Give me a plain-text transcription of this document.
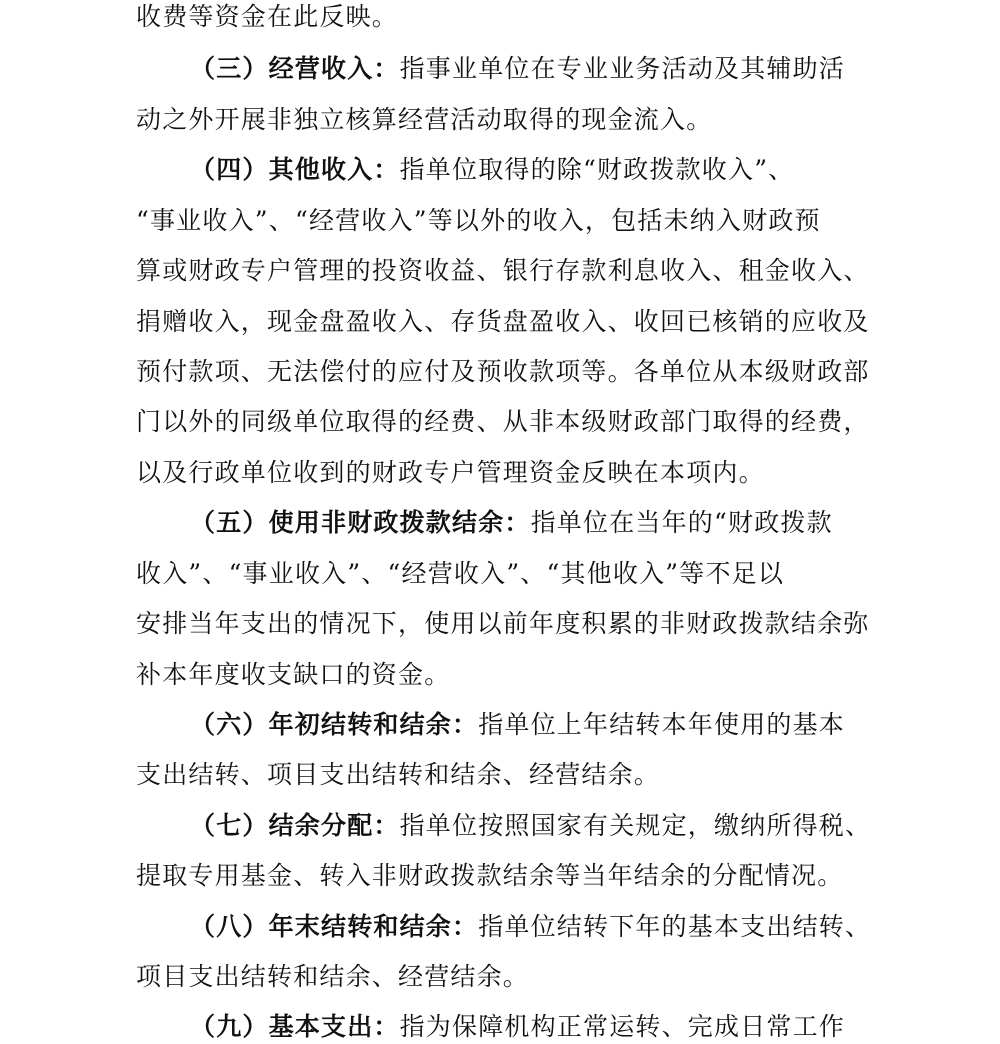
收费等资金在此反映。
（三）经营收入：指事业单位在专业业务活动及其辅助活
动之外开展非独立核算经营活动取得的现金流入。
（四）其他收入：指单位取得的除“财政拨款收入”、
“事业收入”、“经营收入”等以外的收入，包括未纳入财政预
算或财政专户管理的投资收益、银行存款利息收入、租金收入、
捐赠收入，现金盘盈收入、存货盘盈收入、收回已核销的应收及
预付款项、无法偿付的应付及预收款项等。各单位从本级财政部
门以外的同级单位取得的经费、从非本级财政部门取得的经费，
以及行政单位收到的财政专户管理资金反映在本项内。
（五）使用非财政拨款结余：指单位在当年的“财政拨款
收入”、“事业收入”、“经营收入”、“其他收入”等不足以
安排当年支出的情况下，使用以前年度积累的非财政拨款结余弥
补本年度收支缺口的资金。
（六）年初结转和结余：指单位上年结转本年使用的基本
支出结转、项目支出结转和结余、经营结余。
（七）结余分配：指单位按照国家有关规定，缴纳所得税、
提取专用基金、转入非财政拨款结余等当年结余的分配情况。
（八）年末结转和结余：指单位结转下年的基本支出结转、
项目支出结转和结余、经营结余。
（九）基本支出：指为保障机构正常运转、完成日常工作
